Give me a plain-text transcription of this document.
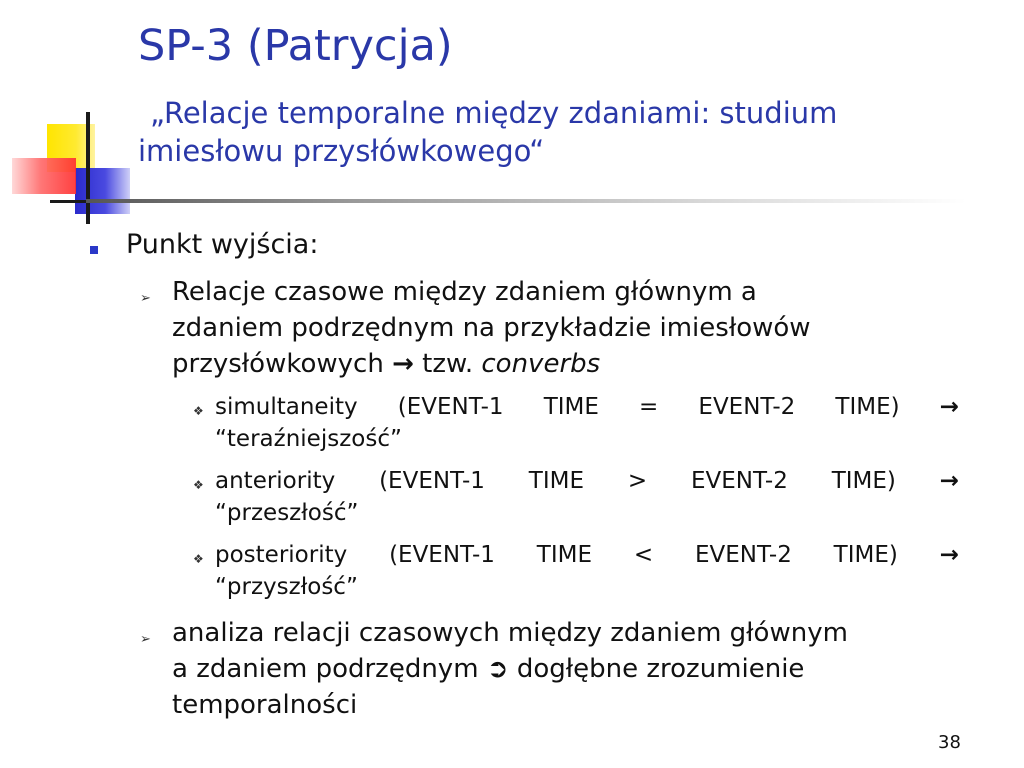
SP-3 (Patrycja)
„Relacje temporalne między zdaniami: studium
imiesłowu przysłówkowego“
Punkt wyjścia:
➢ Relacje czasowe między zdaniem głównym a
zdaniem podrzędnym na przykładzie imiesłowów
przysłówkowych → tzw. converbs
❖ simultaneity (EVENT-1 TIME = EVENT-2 TIME) →
“teraźniejszość”
❖ anteriority (EVENT-1 TIME > EVENT-2 TIME) →
“przeszłość”
❖ posteriority (EVENT-1 TIME < EVENT-2 TIME) →
“przyszłość”
➢ analiza relacji czasowych między zdaniem głównym
a zdaniem podrzędnym ➲ dogłębne zrozumienie
temporalności
38
